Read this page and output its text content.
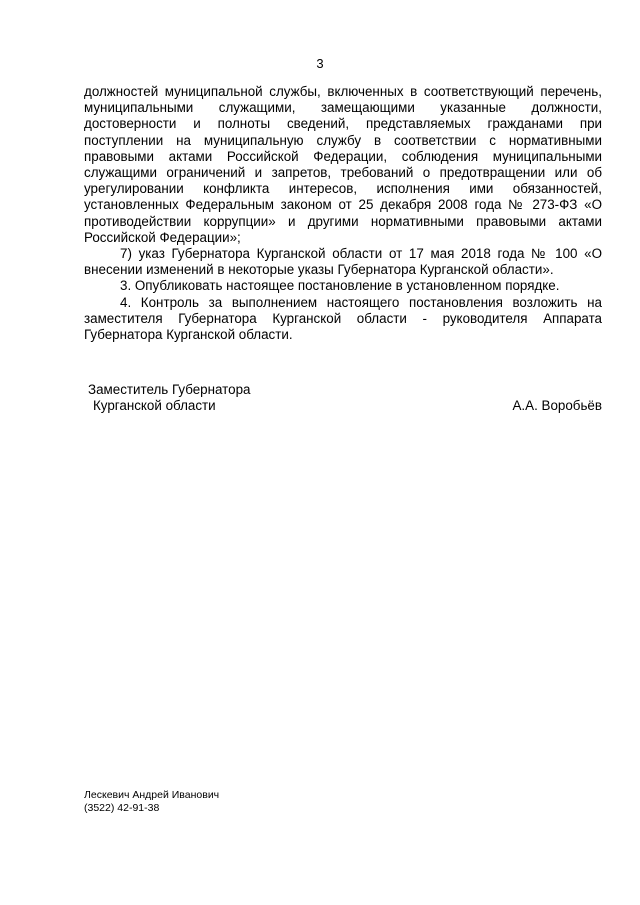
3

должностей муниципальной службы, включенных в соответствующий перечень, муниципальными служащими, замещающими указанные должности, достоверности и полноты сведений, представляемых гражданами при поступлении на муниципальную службу в соответствии с нормативными правовыми актами Российской Федерации, соблюдения муниципальными служащими ограничений и запретов, требований о предотвращении или об урегулировании конфликта интересов, исполнения ими обязанностей, установленных Федеральным законом от 25 декабря 2008 года № 273-ФЗ «О противодействии коррупции» и другими нормативными правовыми актами Российской Федерации»;

7) указ Губернатора Курганской области от 17 мая 2018 года № 100 «О внесении изменений в некоторые указы Губернатора Курганской области».

3. Опубликовать настоящее постановление в установленном порядке.

4. Контроль за выполнением настоящего постановления возложить на заместителя Губернатора Курганской области - руководителя Аппарата Губернатора Курганской области.

Заместитель Губернатора
Курганской области	А.А. Воробьёв
Лескевич Андрей Иванович
(3522) 42-91-38
